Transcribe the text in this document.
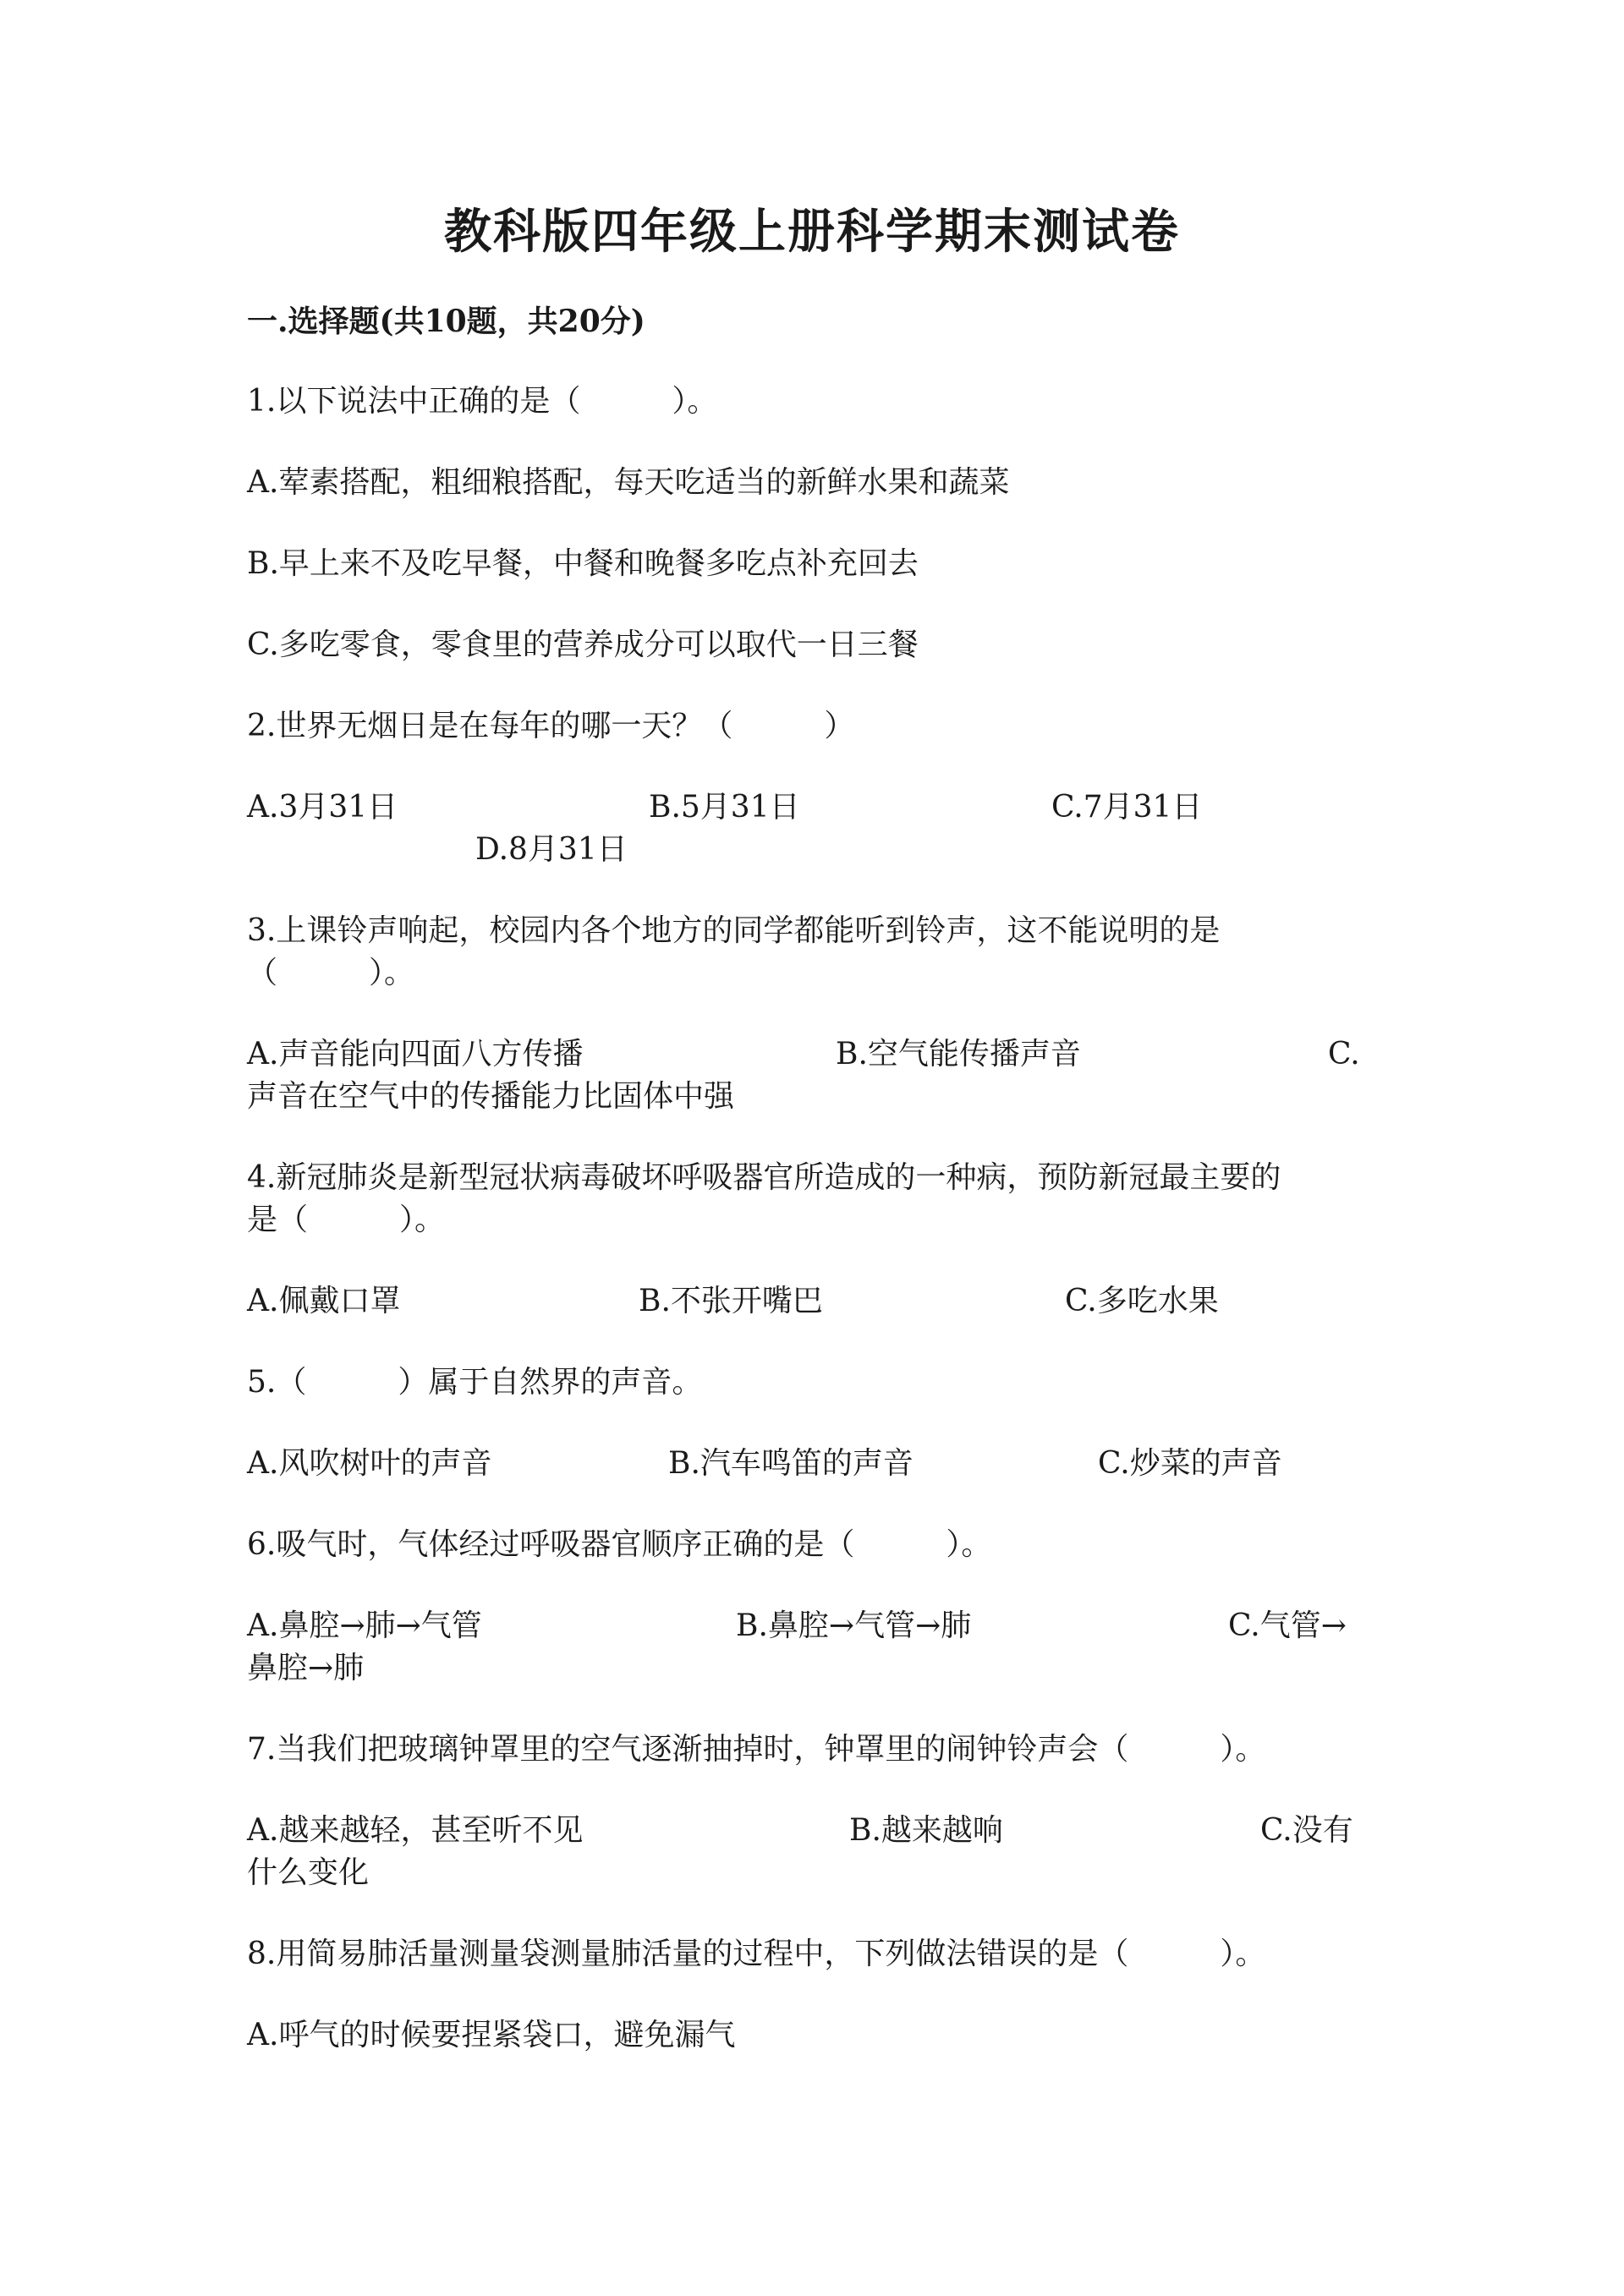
教科版四年级上册科学期末测试卷
一.选择题(共10题，共20分)
1.以下说法中正确的是（　　　）。
A.荤素搭配，粗细粮搭配，每天吃适当的新鲜水果和蔬菜
B.早上来不及吃早餐，中餐和晚餐多吃点补充回去
C.多吃零食，零食里的营养成分可以取代一日三餐
2.世界无烟日是在每年的哪一天？（　　　）
A.3月31日	B.5月31日	C.7月31日
D.8月31日
3.上课铃声响起，校园内各个地方的同学都能听到铃声，这不能说明的是
（　　　）。
A.声音能向四面八方传播	B.空气能传播声音	C.
声音在空气中的传播能力比固体中强
4.新冠肺炎是新型冠状病毒破坏呼吸器官所造成的一种病，预防新冠最主要的
是（　　　）。
A.佩戴口罩	B.不张开嘴巴	C.多吃水果
5.（　　　）属于自然界的声音。
A.风吹树叶的声音	B.汽车鸣笛的声音	C.炒菜的声音
6.吸气时，气体经过呼吸器官顺序正确的是（　　　）。
A.鼻腔→肺→气管	B.鼻腔→气管→肺	C.气管→
鼻腔→肺
7.当我们把玻璃钟罩里的空气逐渐抽掉时，钟罩里的闹钟铃声会（　　　）。
A.越来越轻，甚至听不见	B.越来越响	C.没有
什么变化
8.用简易肺活量测量袋测量肺活量的过程中，下列做法错误的是（　　　）。
A.呼气的时候要捏紧袋口，避免漏气
